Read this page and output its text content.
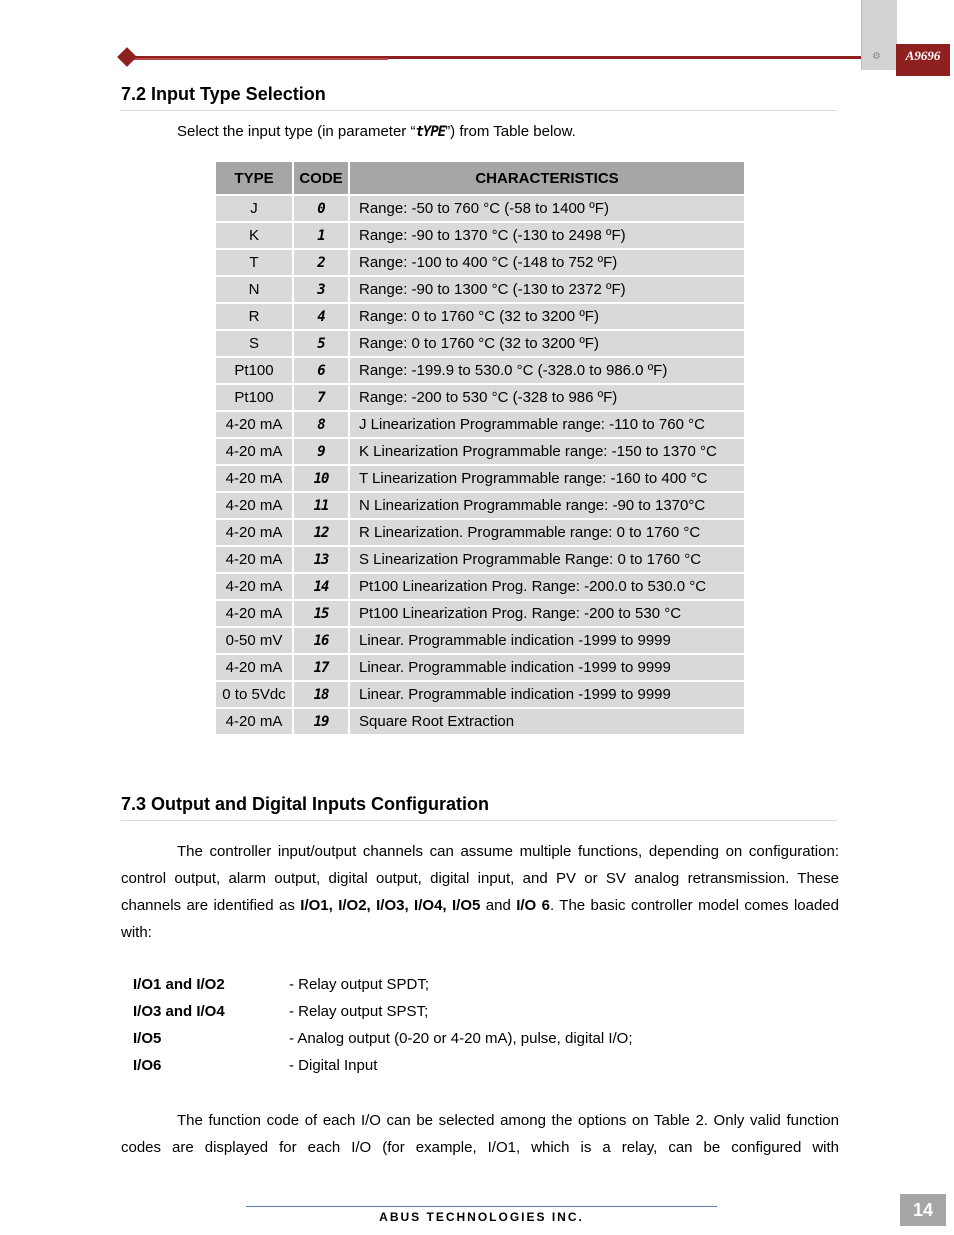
⚙	A9696
7.2 Input Type Selection
Select the input type (in parameter “tYPE”) from Table below.
TYPE	CODE	CHARACTERISTICS
J	0	Range: -50 to 760 °C (-58 to 1400 ºF)
K	1	Range: -90 to 1370 °C (-130 to 2498 ºF)
T	2	Range: -100 to 400 °C (-148 to 752 ºF)
N	3	Range: -90 to 1300 °C (-130 to 2372 ºF)
R	4	Range: 0 to 1760 °C (32 to 3200 ºF)
S	5	Range: 0 to 1760 °C (32 to 3200 ºF)
Pt100	6	Range: -199.9 to 530.0 °C (-328.0 to 986.0 ºF)
Pt100	7	Range: -200 to 530 °C (-328 to 986 ºF)
4-20 mA	8	J Linearization Programmable range: -110 to 760 °C
4-20 mA	9	K Linearization Programmable range: -150 to 1370 °C
4-20 mA	10	T Linearization Programmable range: -160 to 400 °C
4-20 mA	11	N Linearization Programmable range: -90 to 1370°C
4-20 mA	12	R Linearization. Programmable range: 0 to 1760 °C
4-20 mA	13	S Linearization Programmable Range: 0 to 1760 °C
4-20 mA	14	Pt100 Linearization Prog. Range: -200.0 to 530.0 °C
4-20 mA	15	Pt100 Linearization Prog. Range: -200 to 530 °C
0-50 mV	16	Linear. Programmable indication -1999 to 9999
4-20 mA	17	Linear. Programmable indication -1999 to 9999
0 to 5Vdc	18	Linear. Programmable indication -1999 to 9999
4-20 mA	19	Square Root Extraction
7.3 Output and Digital Inputs Configuration
The controller input/output channels can assume multiple functions, depending on configuration: control output, alarm output, digital output, digital input, and PV or SV analog retransmission. These channels are identified as I/O1, I/O2, I/O3, I/O4, I/O5 and I/O 6. The basic controller model comes loaded with:
I/O1 and I/O2	- Relay output SPDT;
I/O3 and I/O4	- Relay output SPST;
I/O5	- Analog output (0-20 or 4-20 mA), pulse, digital I/O;
I/O6	- Digital Input
The function code of each I/O can be selected among the options on Table 2. Only valid function codes are displayed for each I/O (for example, I/O1, which is a relay, can be configured with
ABUS TECHNOLOGIES INC.	14
